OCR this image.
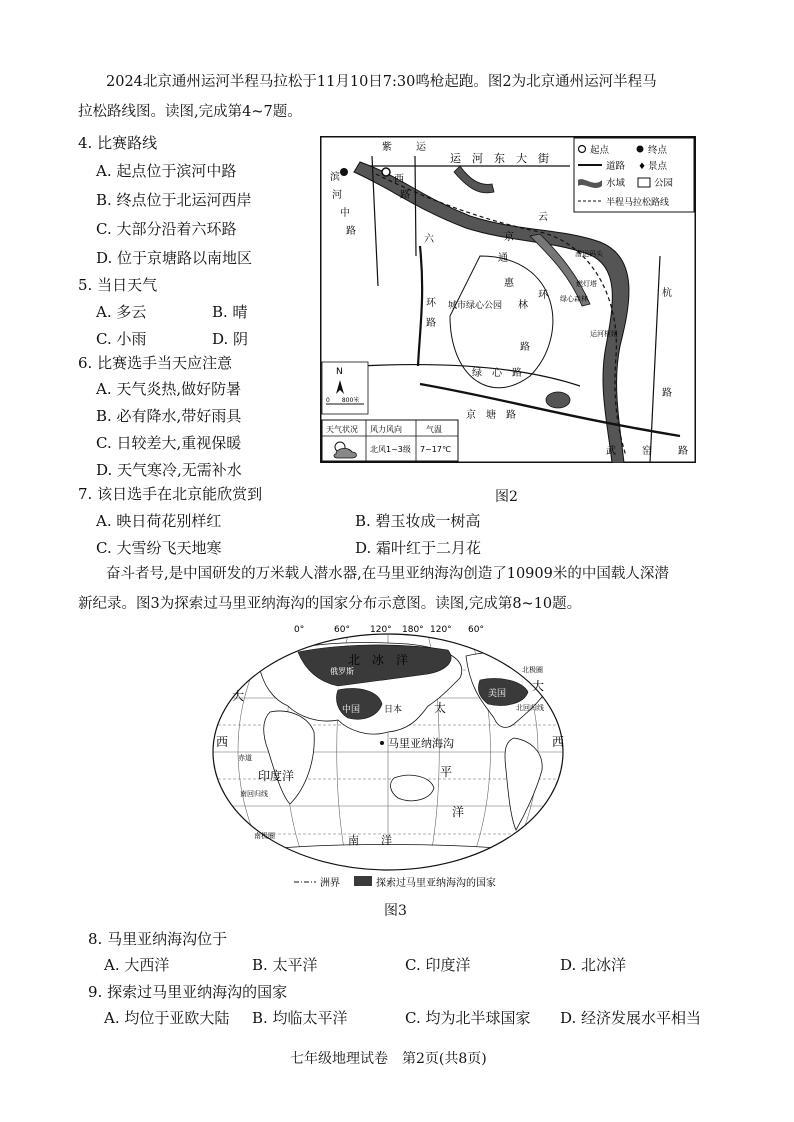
2024北京通州运河半程马拉松于11月10日7:30鸣枪起跑。图2为北京通州运河半程马
拉松路线图。读图,完成第4~7题。
4. 比赛路线
A. 起点位于滨河中路
B. 终点位于北运河西岸
C. 大部分沿着六环路
D. 位于京塘路以南地区
5. 当日天气
A. 多云	B. 晴
C. 小雨	D. 阴
6. 比赛选手当天应注意
A. 天气炎热,做好防暑
B. 必有降水,带好雨具
C. 日较差大,重视保暖
D. 天气寒冷,无需补水
7. 该日选手在北京能欣赏到
A. 映日荷花别样红	B. 碧玉妆成一树高
C. 大雪纷飞天地寒	D. 霜叶红于二月花
漕运码头
燃灯塔
绿心森林
运河枢纽
滨
河
中
路
紫 运
西
路
运　河　东　大　街
云
京
六
环
路
通
惠
林
环
路
城市绿心公园
绿　心　路
京　塘　路
杭
路
武	窑	路
起点	终点
道路 ♦ 景点
水域	公园
半程马拉松路线
N
0　　800米
天气状况 风力风向	气温
北风1~3级 7~17℃
图2
奋斗者号,是中国研发的万米载人潜水器,在马里亚纳海沟创造了10909米的中国载人深潜
新纪录。图3为探索过马里亚纳海沟的国家分布示意图。读图,完成第8~10题。
0°	60° 120° 180° 120° 60°
北　冰　洋
大
西
大
西
太
平
洋
印度洋
南　　洋
俄罗斯
中国	日本
美国
马里亚纳海沟
北极圈
北回归线
赤道
南回归线
南极圈
洲界	探索过马里亚纳海沟的国家
图3
8. 马里亚纳海沟位于
A. 大西洋	B. 太平洋	C. 印度洋	D. 北冰洋
9. 探索过马里亚纳海沟的国家
A. 均位于亚欧大陆 B. 均临太平洋	C. 均为北半球国家 D. 经济发展水平相当
七年级地理试卷　第2页(共8页)
